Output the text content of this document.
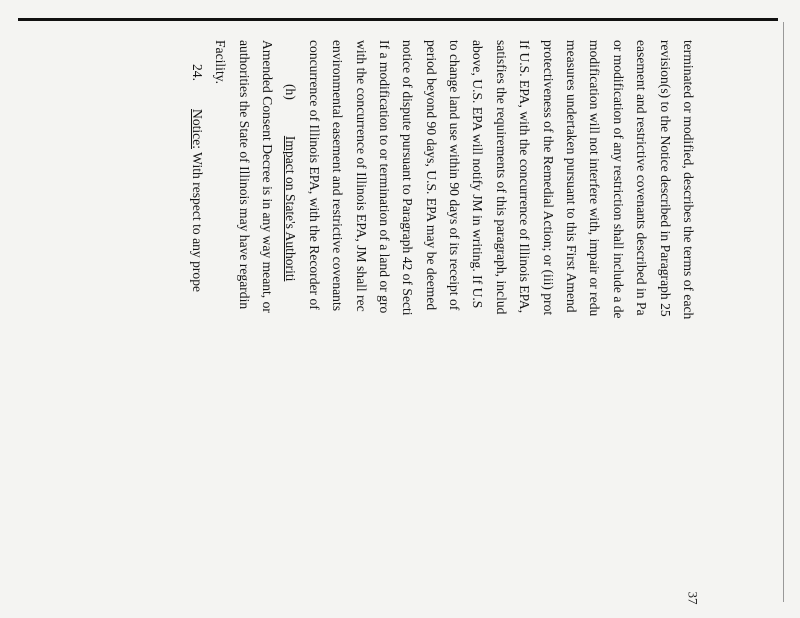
37
terminated or modified, describes the terms of each
revision(s) to the Notice described in Paragraph 25
easement and restrictive covenants described in Pa
or modification of any restriction shall include a de
modification will not interfere with, impair or redu
measures undertaken pursuant to this First Amend
protectiveness of the Remedial Action; or (iii) prot
If U.S. EPA, with the concurrence of Illinois EPA,
satisfies the requirements of this paragraph, includ
above, U.S. EPA will notify JM in writing. If U.S
to change land use within 90 days of its receipt of
period beyond 90 days, U.S. EPA may be deemed
notice of dispute pursuant to Paragraph 42 of Secti
If a modification to or termination of a land or gro
with the concurrence of Illinois EPA, JM shall rec
environmental easement and restrictive covenants
concurrence of Illinois EPA, with the Recorder of
(h)Impact on State's Authoriti
Amended Consent Decree is in any way meant, or
authorities the State of Illinois may have regardin
Facility.
24.Notice: With respect to any prope
